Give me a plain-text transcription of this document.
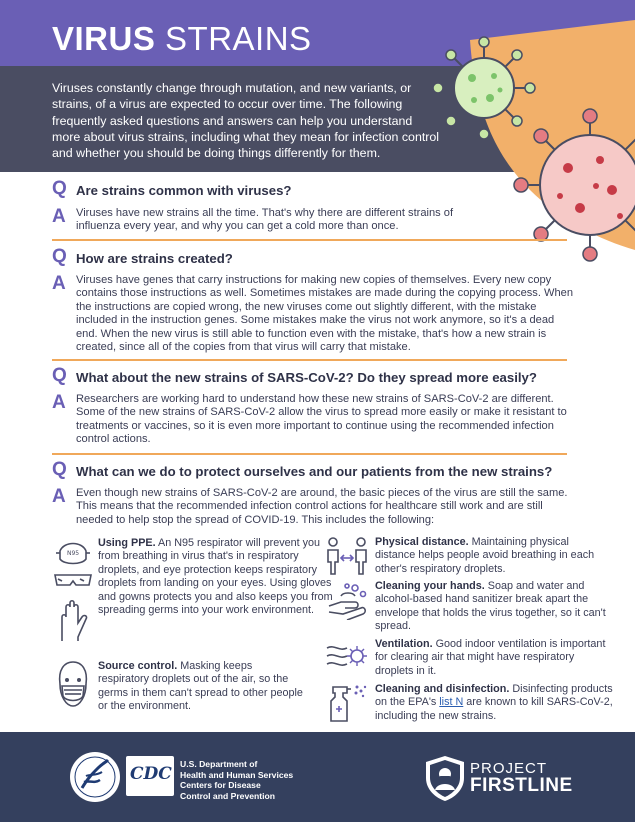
VIRUS STRAINS
Viruses constantly change through mutation, and new variants, or strains, of a virus are expected to occur over time. The following frequently asked questions and answers can help you understand more about virus strains, including what they mean for infection control and whether you should be doing things differently for them.
Q Are strains common with viruses?
A Viruses have new strains all the time. That's why there are different strains of influenza every year, and why you can get a cold more than once.
Q How are strains created?
A Viruses have genes that carry instructions for making new copies of themselves. Every new copy contains those instructions as well. Sometimes mistakes are made during the copying process. When the instructions are copied wrong, the new viruses come out slightly different, with the mistake included in the instruction genes. Some mistakes make the virus not work anymore, so it's a dead end. When the new virus is still able to function even with the mistake, that's how a new strain is created, since all of the copies from that virus will carry that mistake.
Q What about the new strains of SARS-CoV-2? Do they spread more easily?
A Researchers are working hard to understand how these new strains of SARS-CoV-2 are different. Some of the new strains of SARS-CoV-2 allow the virus to spread more easily or make it resistant to treatments or vaccines, so it is even more important to continue using the recommended infection control actions.
Q What can we do to protect ourselves and our patients from the new strains?
A Even though new strains of SARS-CoV-2 are around, the basic pieces of the virus are still the same. This means that the recommended infection control actions for healthcare still work and are still needed to help stop the spread of COVID-19. This includes the following:
N95
Using PPE. An N95 respirator will prevent you from breathing in virus that's in respiratory droplets, and eye protection keeps respiratory droplets from landing on your eyes. Using gloves and gowns protects you and also keeps you from spreading germs into your work environment.
Source control. Masking keeps respiratory droplets out of the air, so the germs in them can't spread to other people or the environment.
Physical distance. Maintaining physical distance helps people avoid breathing in each other's respiratory droplets.
Cleaning your hands. Soap and water and alcohol-based hand sanitizer break apart the envelope that holds the virus together, so it can't spread.
Ventilation. Good indoor ventilation is important for clearing air that might have respiratory droplets in it.
Cleaning and disinfection. Disinfecting products on the EPA's list N are known to kill SARS-CoV-2, including the new strains.
CDC U.S. Department of
Health and Human Services
Centers for Disease
Control and Prevention
PROJECT
FIRSTLINE
